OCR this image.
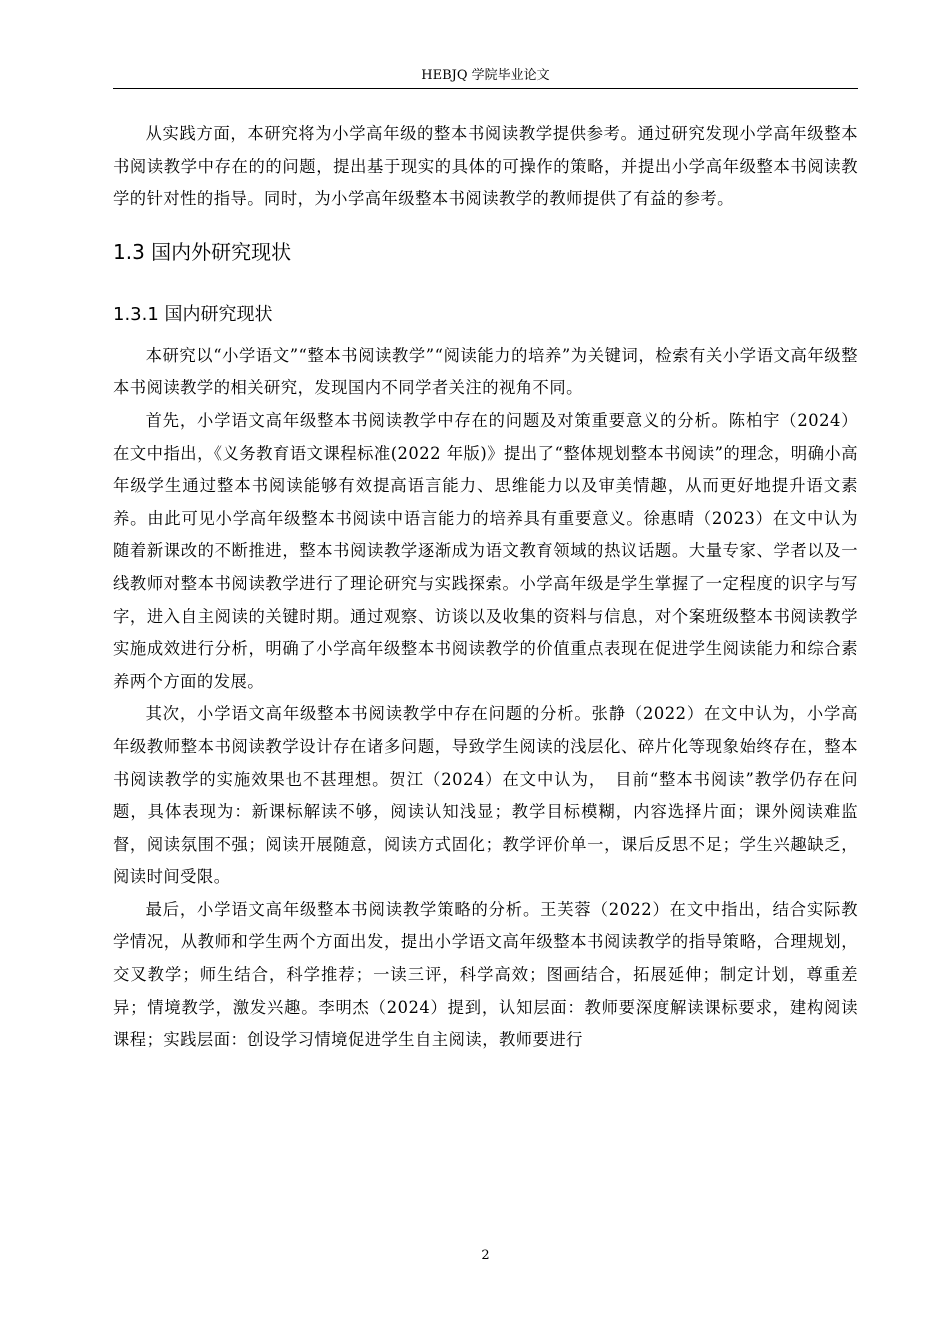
HEBJQ 学院毕业论文

从实践方面，本研究将为小学高年级的整本书阅读教学提供参考。通过研究发现小学高年级整本书阅读教学中存在的的问题，提出基于现实的具体的可操作的策略，并提出小学高年级整本书阅读教学的针对性的指导。同时，为小学高年级整本书阅读教学的教师提供了有益的参考。

1.3 国内外研究现状
1.3.1 国内研究现状

本研究以“小学语文”“整本书阅读教学”“阅读能力的培养”为关键词，检索有关小学语文高年级整本书阅读教学的相关研究，发现国内不同学者关注的视角不同。

首先，小学语文高年级整本书阅读教学中存在的问题及对策重要意义的分析。陈柏宇（2024）在文中指出，《义务教育语文课程标准(2022 年版)》提出了“整体规划整本书阅读”的理念，明确小高年级学生通过整本书阅读能够有效提高语言能力、思维能力以及审美情趣，从而更好地提升语文素养。由此可见小学高年级整本书阅读中语言能力的培养具有重要意义。徐惠晴（2023）在文中认为随着新课改的不断推进，整本书阅读教学逐渐成为语文教育领域的热议话题。大量专家、学者以及一线教师对整本书阅读教学进行了理论研究与实践探索。小学高年级是学生掌握了一定程度的识字与写字，进入自主阅读的关键时期。通过观察、访谈以及收集的资料与信息，对个案班级整本书阅读教学实施成效进行分析，明确了小学高年级整本书阅读教学的价值重点表现在促进学生阅读能力和综合素养两个方面的发展。

其次，小学语文高年级整本书阅读教学中存在问题的分析。张静（2022）在文中认为，小学高年级教师整本书阅读教学设计存在诸多问题，导致学生阅读的浅层化、碎片化等现象始终存在，整本书阅读教学的实施效果也不甚理想。贺江（2024）在文中认为，　目前“整本书阅读”教学仍存在问题，具体表现为：新课标解读不够，阅读认知浅显；教学目标模糊，内容选择片面；课外阅读难监督，阅读氛围不强；阅读开展随意，阅读方式固化；教学评价单一，课后反思不足；学生兴趣缺乏，阅读时间受限。

最后，小学语文高年级整本书阅读教学策略的分析。王芙蓉（2022）在文中指出，结合实际教学情况，从教师和学生两个方面出发，提出小学语文高年级整本书阅读教学的指导策略，合理规划，交叉教学；师生结合，科学推荐；一读三评，科学高效；图画结合，拓展延伸；制定计划，尊重差异；情境教学，激发兴趣。李明杰（2024）提到，认知层面：教师要深度解读课标要求，建构阅读课程；实践层面：创设学习情境促进学生自主阅读，教师要进行

2
